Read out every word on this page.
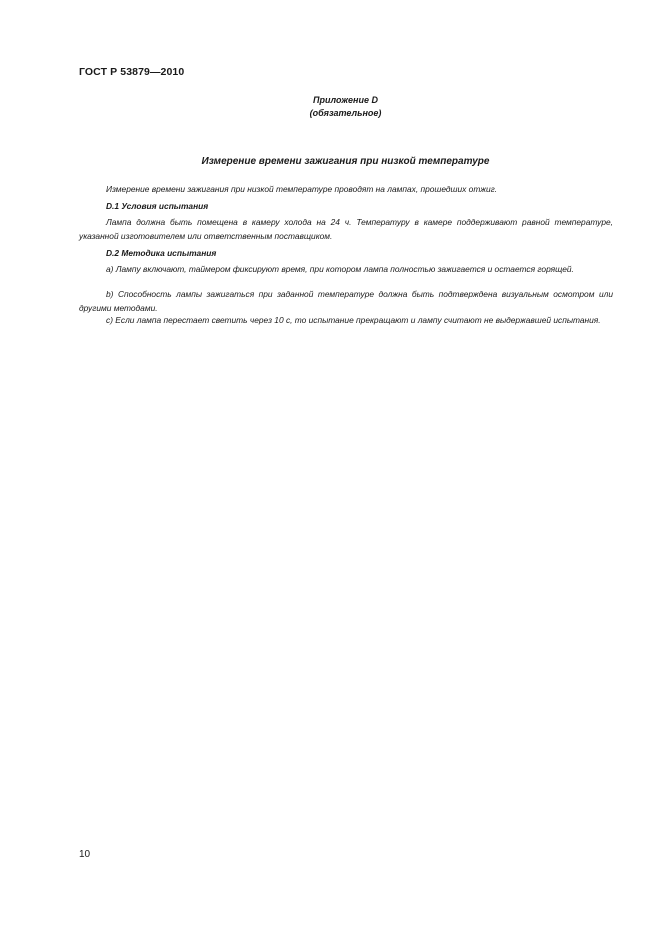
ГОСТ Р 53879—2010
Приложение D
(обязательное)
Измерение времени зажигания при низкой температуре
Измерение времени зажигания при низкой температуре проводят на лампах, прошедших отжиг.
D.1 Условия испытания
Лампа должна быть помещена в камеру холода на 24 ч. Температуру в камере поддерживают равной температуре, указанной изготовителем или ответственным поставщиком.
D.2 Методика испытания
a) Лампу включают, таймером фиксируют время, при котором лампа полностью зажигается и остается горящей.
b) Способность лампы зажигаться при заданной температуре должна быть подтверждена визуальным осмотром или другими методами.
c) Если лампа перестает светить через 10 с, то испытание прекращают и лампу считают не выдержавшей испытания.
10
